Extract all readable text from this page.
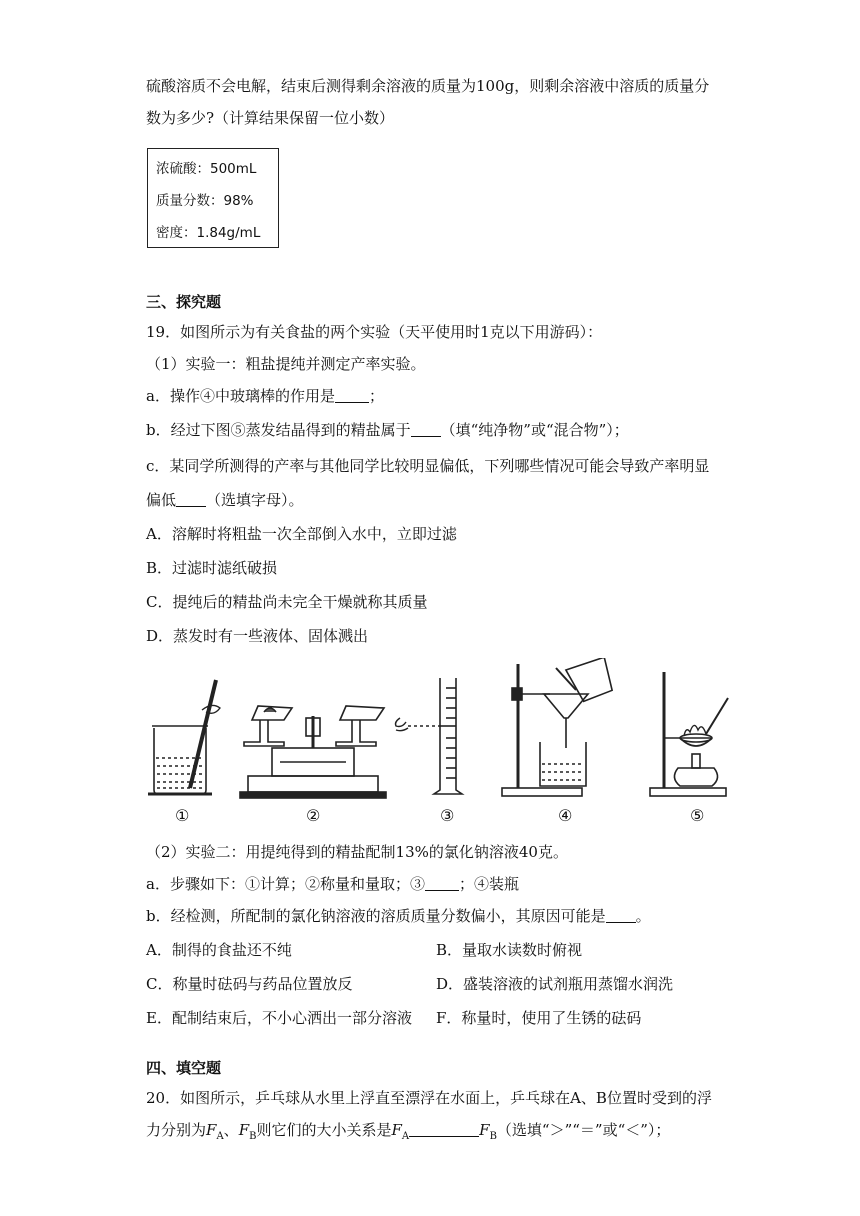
硫酸溶质不会电解，结束后测得剩余溶液的质量为100g，则剩余溶液中溶质的质量分
数为多少?（计算结果保留一位小数）
浓硫酸：500mL
质量分数：98%
密度：1.84g/mL
三、探究题
19．如图所示为有关食盐的两个实验（天平使用时1克以下用游码）：
（1）实验一：粗盐提纯并测定产率实验。
a．操作④中玻璃棒的作用是 ；
b．经过下图⑤蒸发结晶得到的精盐属于 （填“纯净物”或“混合物”）；
c．某同学所测得的产率与其他同学比较明显偏低，下列哪些情况可能会导致产率明显
偏低 （选填字母）。
A．溶解时将粗盐一次全部倒入水中，立即过滤
B．过滤时滤纸破损
C．提纯后的精盐尚未完全干燥就称其质量
D．蒸发时有一些液体、固体溅出
①	②	③	④	⑤
（2）实验二：用提纯得到的精盐配制13%的氯化钠溶液40克。
a．步骤如下：①计算；②称量和量取；③ ；④装瓶
b．经检测，所配制的氯化钠溶液的溶质质量分数偏小，其原因可能是 。
A．制得的食盐还不纯	B．量取水读数时俯视
C．称量时砝码与药品位置放反	D．盛装溶液的试剂瓶用蒸馏水润洗
E．配制结束后，不小心洒出一部分溶液 F．称量时，使用了生锈的砝码
四、填空题
20．如图所示，乒乓球从水里上浮直至漂浮在水面上，乒乓球在A、B位置时受到的浮
力分别为$F_A$、$F_B$则它们的大小关系是$F_A$	$F_B$（选填“＞”“＝”或“＜”）；
